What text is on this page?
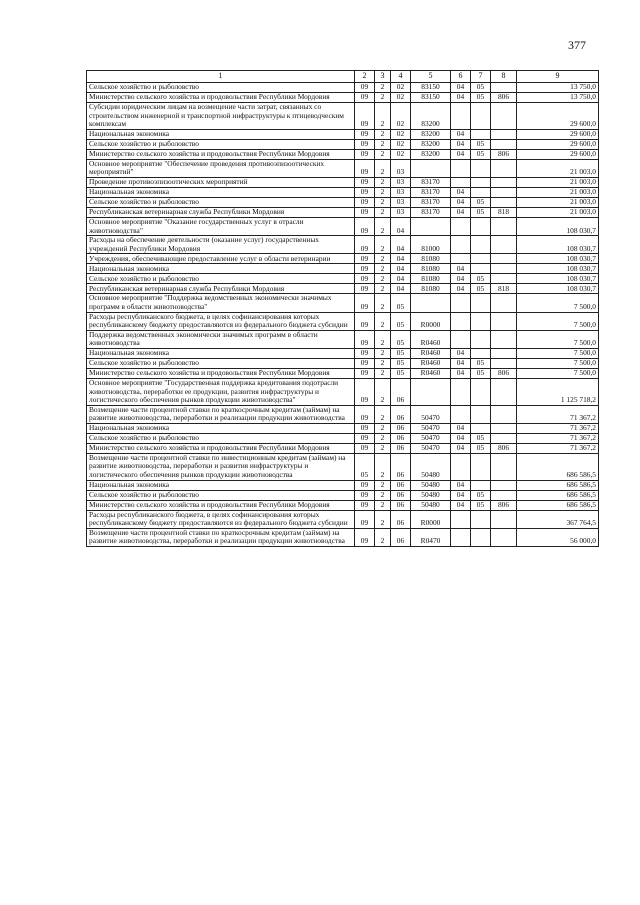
377
1	2	3	4	5	6	7	8	9
Сельское хозяйство и рыболовство	09	2	02	83150	04	05		13 750,0
Министерство сельского хозяйства и продовольствия Республики Мордовия	09	2	02	83150	04	05	806	13 750,0
Субсидии юридическим лицам на возмещение части затрат, связанных со строительством инженерной и транспортной инфраструктуры к птицеводческим комплексам	09	2	02	83200				29 600,0
Национальная экономика	09	2	02	83200	04			29 600,0
Сельское хозяйство и рыболовство	09	2	02	83200	04	05		29 600,0
Министерство сельского хозяйства и продовольствия Республики Мордовия	09	2	02	83200	04	05	806	29 600,0
Основное мероприятие "Обеспечение проведения противоэпизоотических мероприятий"	09	2	03					21 003,0
Проведение противоэпизоотических мероприятий	09	2	03	83170				21 003,0
Национальная экономика	09	2	03	83170	04			21 003,0
Сельское хозяйство и рыболовство	09	2	03	83170	04	05		21 003,0
Республиканская ветеринарная служба Республики Мордовия	09	2	03	83170	04	05	818	21 003,0
Основное мероприятие "Оказание государственных услуг в отрасли животноводства"	09	2	04					108 030,7
Расходы на обеспечение деятельности (оказание услуг) государственных учреждений Республики Мордовия	09	2	04	81000				108 030,7
Учреждения, обеспечивающие предоставление услуг в области ветеринарии	09	2	04	81080				108 030,7
Национальная экономика	09	2	04	81080	04			108 030,7
Сельское хозяйство и рыболовство	09	2	04	81080	04	05		108 030,7
Республиканская ветеринарная служба Республики Мордовия	09	2	04	81080	04	05	818	108 030,7
Основное мероприятие "Поддержка ведомственных экономически значимых программ в области животноводства"	09	2	05					7 500,0
Расходы республиканского бюджета, в целях софинансирования которых республиканскому бюджету предоставляются из федерального бюджета субсидии	09	2	05	R0000				7 500,0
Поддержка ведомственных экономически значимых программ в области животноводства	09	2	05	R0460				7 500,0
Национальная экономика	09	2	05	R0460	04			7 500,0
Сельское хозяйство и рыболовство	09	2	05	R0460	04	05		7 500,0
Министерство сельского хозяйства и продовольствия Республики Мордовия	09	2	05	R0460	04	05	806	7 500,0
Основное мероприятие "Государственная поддержка кредитования подотрасли животноводства, переработки ее продукции, развития инфраструктуры и логистического обеспечения рынков продукции животноводства"	09	2	06					1 125 718,2
Возмещение части процентной ставки по краткосрочным кредитам (займам) на развитие животноводства, переработки и реализации продукции животноводства	09	2	06	50470				71 367,2
Национальная экономика	09	2	06	50470	04			71 367,2
Сельское хозяйство и рыболовство	09	2	06	50470	04	05		71 367,2
Министерство сельского хозяйства и продовольствия Республики Мордовия	09	2	06	50470	04	05	806	71 367,2
Возмещение части процентной ставки по инвестиционным кредитам (займам) на развитие животноводства, переработки и развития инфраструктуры и логистического обеспечения рынков продукции животноводства	05	2	06	50480				686 586,5
Национальная экономика	09	2	06	50480	04			686 586,5
Сельское хозяйство и рыболовство	09	2	06	50480	04	05		686 586,5
Министерство сельского хозяйства и продовольствия Республики Мордовия	09	2	06	50480	04	05	806	686 586,5
Расходы республиканского бюджета, в целях софинансирования которых республиканскому бюджету предоставляются из федерального бюджета субсидии	09	2	06	R0000				367 764,5
Возмещение части процентной ставки по краткосрочным кредитам (займам) на развитие животноводства, переработки и реализации продукции животноводства	09	2	06	R0470				56 000,0
